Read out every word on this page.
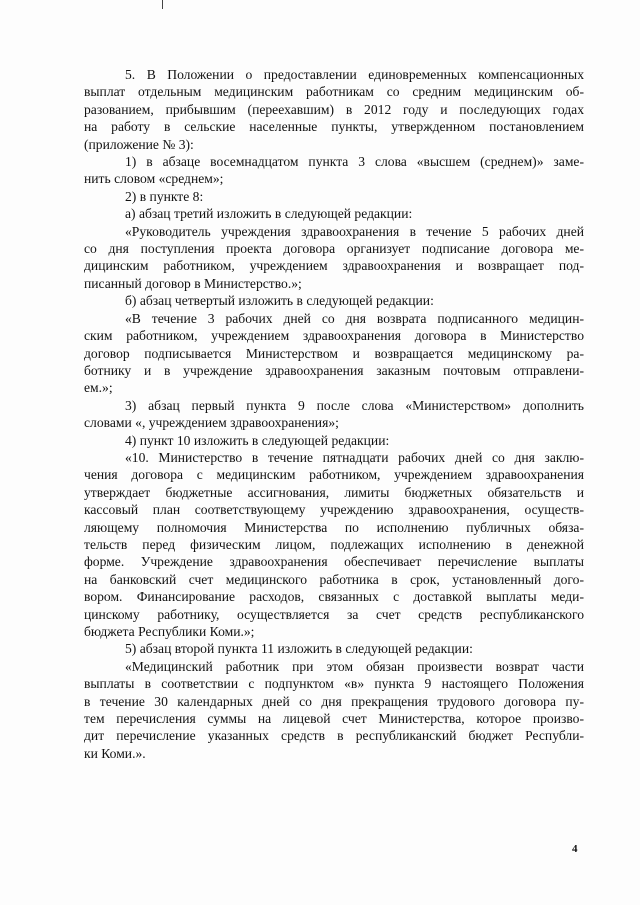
5. В Положении о предоставлении единовременных компенсационных
выплат отдельным медицинским работникам со средним медицинским об-
разованием, прибывшим (переехавшим) в 2012 году и последующих годах
на работу в сельские населенные пункты, утвержденном постановлением
(приложение № 3):
1) в абзаце восемнадцатом пункта 3 слова «высшем (среднем)» заме-
нить словом «среднем»;
2) в пункте 8:
а) абзац третий изложить в следующей редакции:
«Руководитель учреждения здравоохранения в течение 5 рабочих дней
со дня поступления проекта договора организует подписание договора ме-
дицинским работником, учреждением здравоохранения и возвращает под-
писанный договор в Министерство.»;
б) абзац четвертый изложить в следующей редакции:
«В течение 3 рабочих дней со дня возврата подписанного медицин-
ским работником, учреждением здравоохранения договора в Министерство
договор подписывается Министерством и возвращается медицинскому ра-
ботнику и в учреждение здравоохранения заказным почтовым отправлени-
ем.»;
3) абзац первый пункта 9 после слова «Министерством» дополнить
словами «, учреждением здравоохранения»;
4) пункт 10 изложить в следующей редакции:
«10. Министерство в течение пятнадцати рабочих дней со дня заклю-
чения договора с медицинским работником, учреждением здравоохранения
утверждает бюджетные ассигнования, лимиты бюджетных обязательств и
кассовый план соответствующему учреждению здравоохранения, осуществ-
ляющему полномочия Министерства по исполнению публичных обяза-
тельств перед физическим лицом, подлежащих исполнению в денежной
форме. Учреждение здравоохранения обеспечивает перечисление выплаты
на банковский счет медицинского работника в срок, установленный дого-
вором. Финансирование расходов, связанных с доставкой выплаты меди-
цинскому работнику, осуществляется за счет средств республиканского
бюджета Республики Коми.»;
5) абзац второй пункта 11 изложить в следующей редакции:
«Медицинский работник при этом обязан произвести возврат части
выплаты в соответствии с подпунктом «в» пункта 9 настоящего Положения
в течение 30 календарных дней со дня прекращения трудового договора пу-
тем перечисления суммы на лицевой счет Министерства, которое произво-
дит перечисление указанных средств в республиканский бюджет Республи-
ки Коми.».
4
